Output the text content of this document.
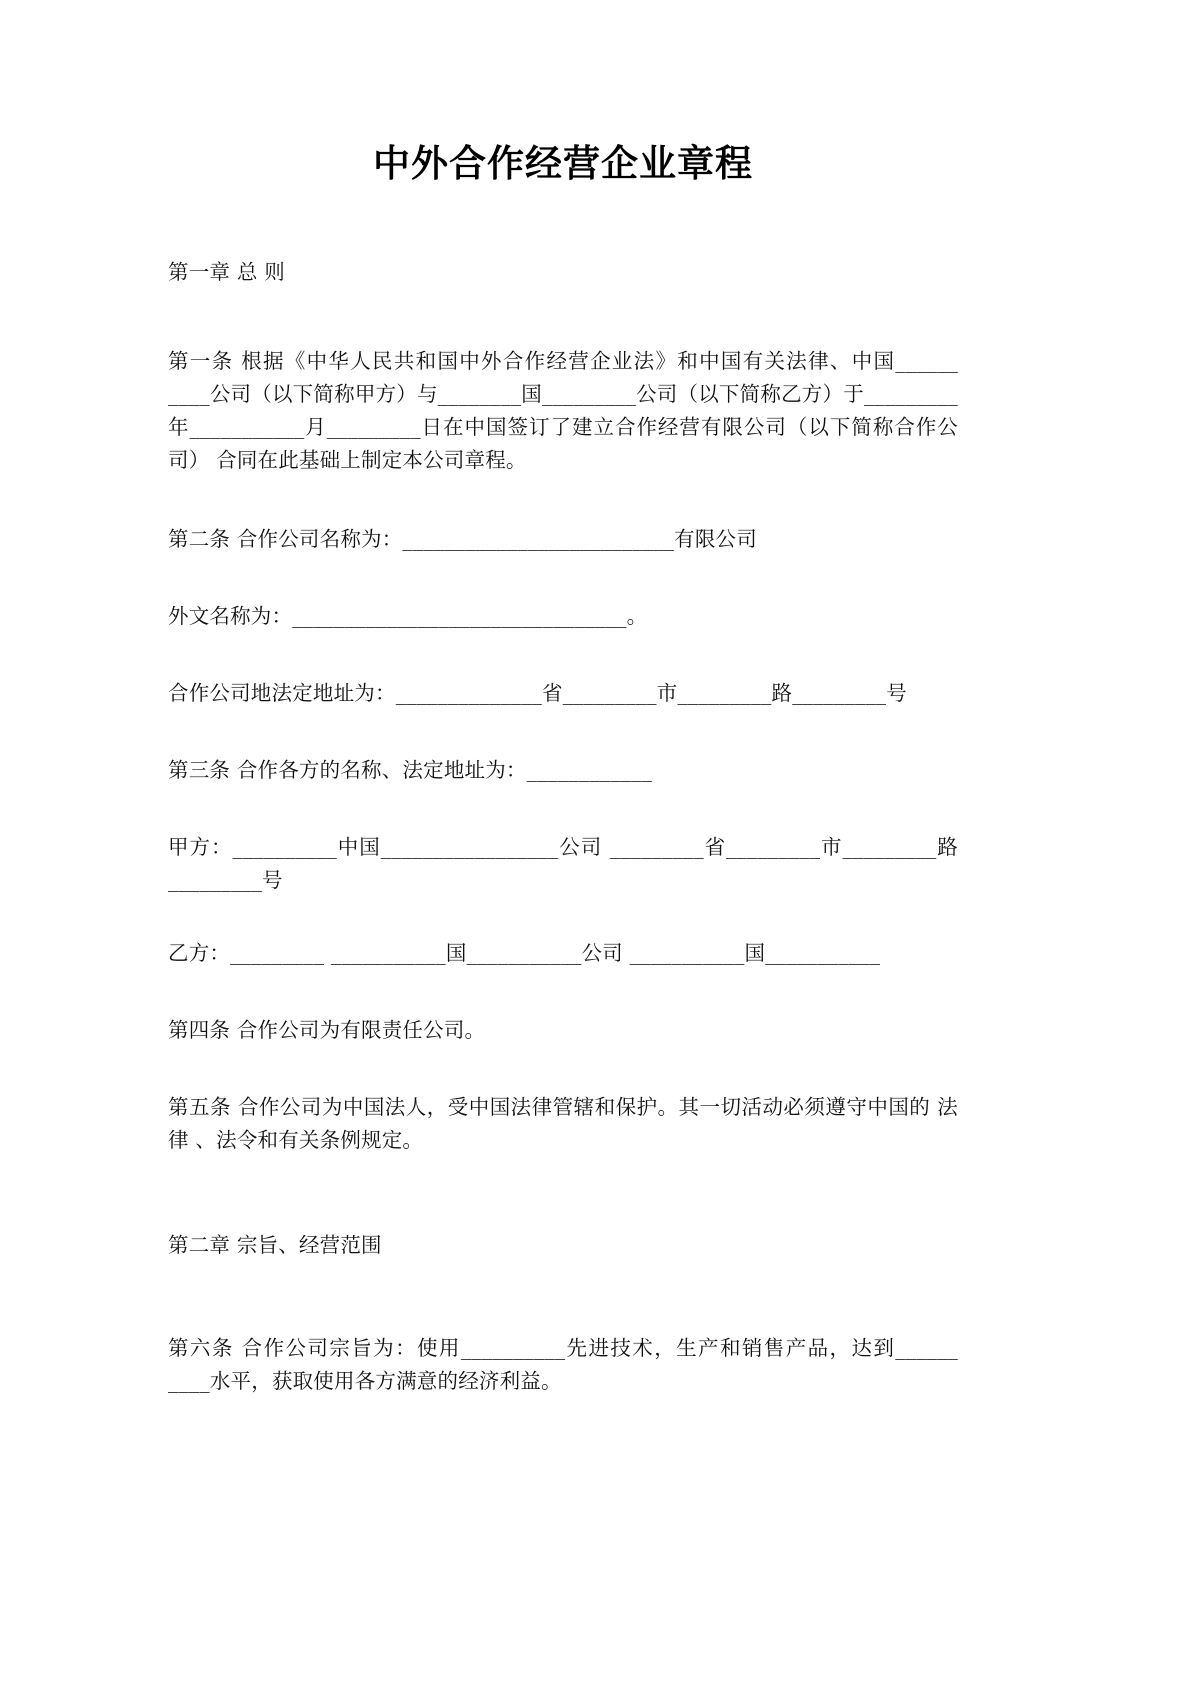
中外合作经营企业章程

第一章 总 则

第一条 根据《中华人民共和国中外合作经营企业法》和中国有关法律、中国______ ____公司（以下简称甲方）与________国_________公司（以下简称乙方）于_________ 年___________月_________日在中国签订了建立合作经营有限公司（以下简称合作公司） 合同在此基础上制定本公司章程。

第二条 合作公司名称为：__________________________有限公司

外文名称为：________________________________。

合作公司地法定地址为：______________省_________市_________路_________号

第三条 合作各方的名称、法定地址为：____________

甲方：__________中国_________________公司 _________省_________市_________路_________号

乙方：_________ ___________国___________公司 ___________国___________

第四条 合作公司为有限责任公司。

第五条 合作公司为中国法人，受中国法律管辖和保护。其一切活动必须遵守中国的 法律 、法令和有关条例规定。

第二章 宗旨、经营范围

第六条 合作公司宗旨为：使用__________先进技术，生产和销售产品，达到______ ____水平，获取使用各方满意的经济利益。
